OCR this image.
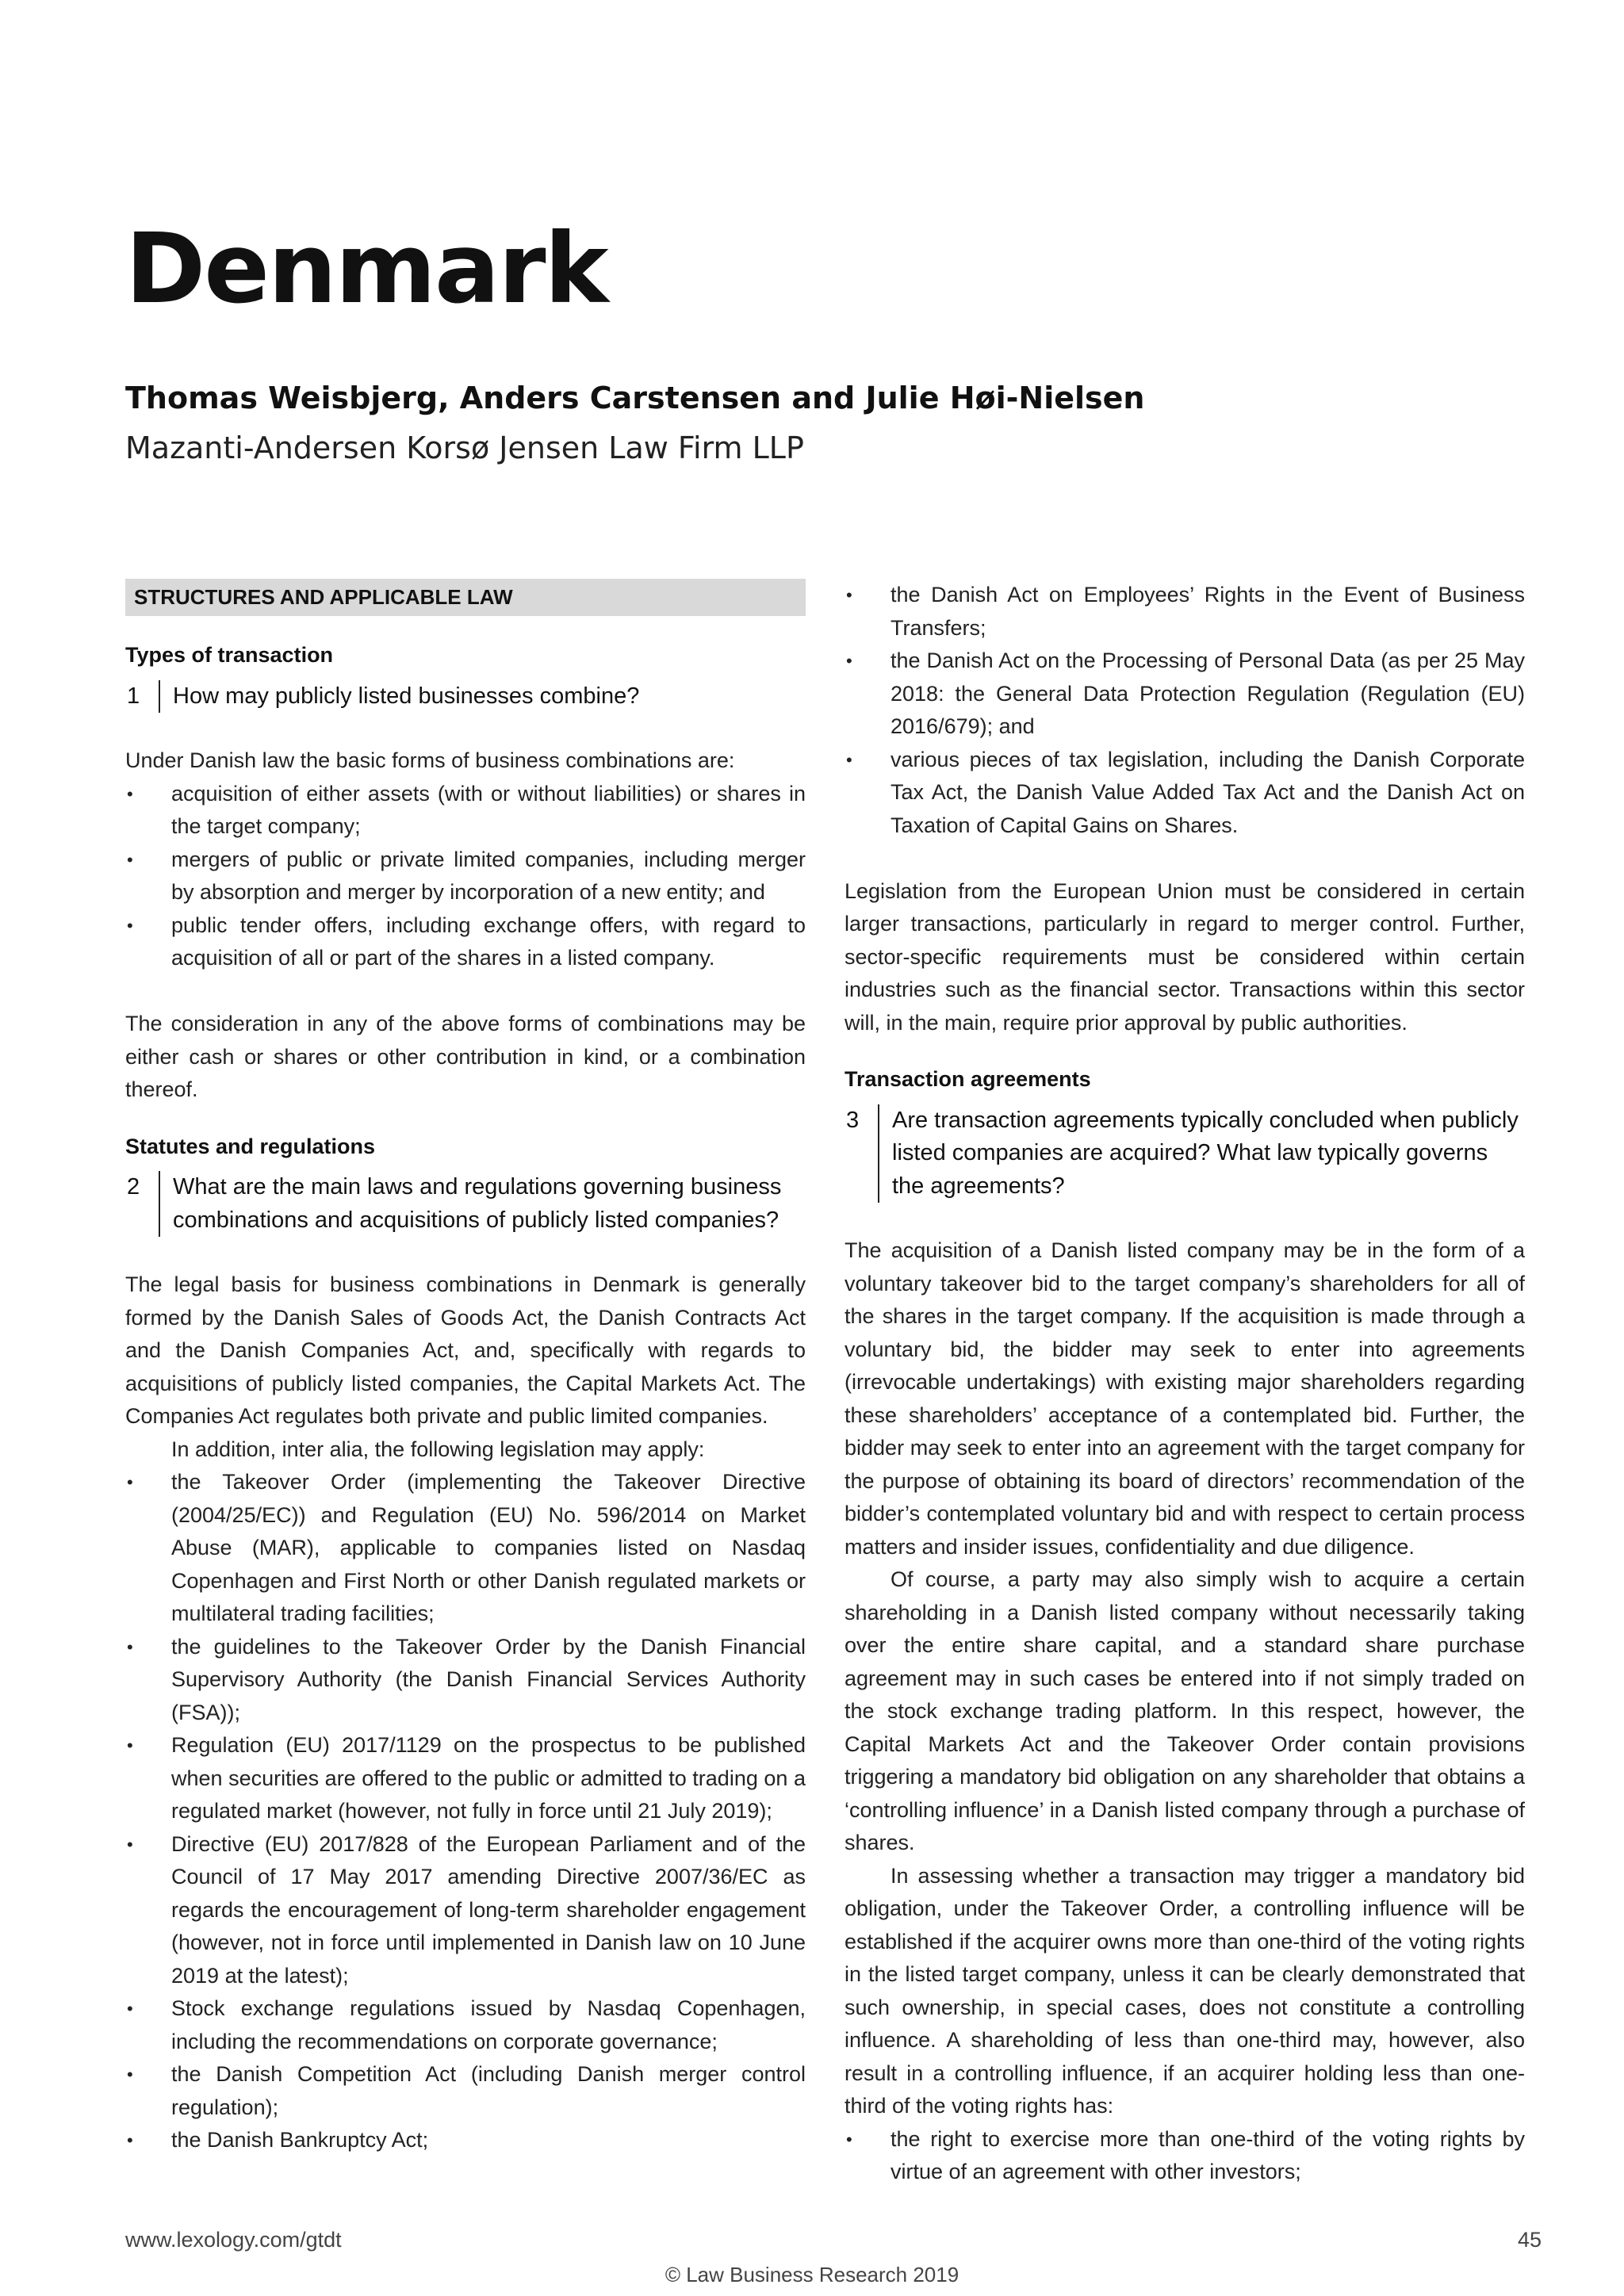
Denmark
Thomas Weisbjerg, Anders Carstensen and Julie Høi-Nielsen
Mazanti-Andersen Korsø Jensen Law Firm LLP
STRUCTURES AND APPLICABLE LAW
Types of transaction
1	How may publicly listed businesses combine?

Under Danish law the basic forms of business combinations are:

• acquisition of either assets (with or without liabilities) or shares in the target company;
• mergers of public or private limited companies, including merger by absorption and merger by incorporation of a new entity; and
• public tender offers, including exchange offers, with regard to acquisition of all or part of the shares in a listed company.

The consideration in any of the above forms of combinations may be either cash or shares or other contribution in kind, or a combination thereof.

Statutes and regulations
2	What are the main laws and regulations governing business combinations and acquisitions of publicly listed companies?

The legal basis for business combinations in Denmark is generally formed by the Danish Sales of Goods Act, the Danish Contracts Act and the Danish Companies Act, and, specifically with regards to acquisitions of publicly listed companies, the Capital Markets Act. The Companies Act regulates both private and public limited companies.

In addition, inter alia, the following legislation may apply:

• the Takeover Order (implementing the Takeover Directive (2004/25/EC)) and Regulation (EU) No. 596/2014 on Market Abuse (MAR), applicable to companies listed on Nasdaq Copenhagen and First North or other Danish regulated markets or multilateral trading facilities;
• the guidelines to the Takeover Order by the Danish Financial Supervisory Authority (the Danish Financial Services Authority (FSA));
• Regulation (EU) 2017/1129 on the prospectus to be published when securities are offered to the public or admitted to trading on a regulated market (however, not fully in force until 21 July 2019);
• Directive (EU) 2017/828 of the European Parliament and of the Council of 17 May 2017 amending Directive 2007/36/EC as regards the encouragement of long-term shareholder engagement (however, not in force until implemented in Danish law on 10 June 2019 at the latest);
• Stock exchange regulations issued by Nasdaq Copenhagen, including the recommendations on corporate governance;
• the Danish Competition Act (including Danish merger control regulation);
• the Danish Bankruptcy Act;
• the Danish Act on Employees’ Rights in the Event of Business Transfers;
• the Danish Act on the Processing of Personal Data (as per 25 May 2018: the General Data Protection Regulation (Regulation (EU) 2016/679); and
• various pieces of tax legislation, including the Danish Corporate Tax Act, the Danish Value Added Tax Act and the Danish Act on Taxation of Capital Gains on Shares.

Legislation from the European Union must be considered in certain larger transactions, particularly in regard to merger control. Further, sector-specific requirements must be considered within certain industries such as the financial sector. Transactions within this sector will, in the main, require prior approval by public authorities.

Transaction agreements
3	Are transaction agreements typically concluded when publicly listed companies are acquired? What law typically governs the agreements?

The acquisition of a Danish listed company may be in the form of a voluntary takeover bid to the target company’s shareholders for all of the shares in the target company. If the acquisition is made through a voluntary bid, the bidder may seek to enter into agreements (irrevocable undertakings) with existing major shareholders regarding these shareholders’ acceptance of a contemplated bid. Further, the bidder may seek to enter into an agreement with the target company for the purpose of obtaining its board of directors’ recommendation of the bidder’s contemplated voluntary bid and with respect to certain process matters and insider issues, confidentiality and due diligence.

Of course, a party may also simply wish to acquire a certain shareholding in a Danish listed company without necessarily taking over the entire share capital, and a standard share purchase agreement may in such cases be entered into if not simply traded on the stock exchange trading platform. In this respect, however, the Capital Markets Act and the Takeover Order contain provisions triggering a mandatory bid obligation on any shareholder that obtains a ‘controlling influence’ in a Danish listed company through a purchase of shares.

In assessing whether a transaction may trigger a mandatory bid obligation, under the Takeover Order, a controlling influence will be established if the acquirer owns more than one-third of the voting rights in the listed target company, unless it can be clearly demonstrated that such ownership, in special cases, does not constitute a controlling influence. A shareholding of less than one-third may, however, also result in a controlling influence, if an acquirer holding less than one-third of the voting rights has:

• the right to exercise more than one-third of the voting rights by virtue of an agreement with other investors;
www.lexology.com/gtdt	45
© Law Business Research 2019
